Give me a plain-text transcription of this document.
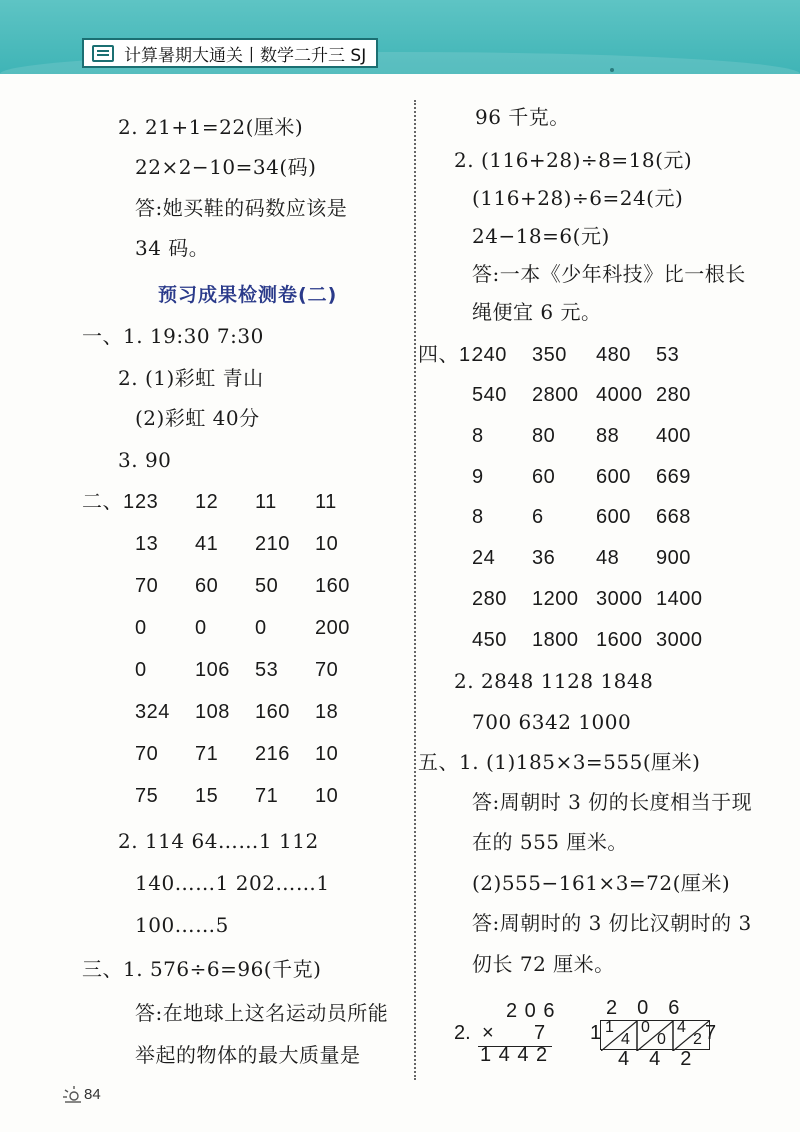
计算暑期大通关丨数学二升三 SJ
2. 21+1=22(厘米)
22×2−10=34(码)
答:她买鞋的码数应该是
34 码。
预习成果检测卷(二)
一、1. 19:30 7:30
2. (1)彩虹 青山
(2)彩虹 40分
3. 90
二、1.
23 12 11 11
13 41 210 10
70 60 50 160
0 0 0 200
0 106 53 70
324 108 160 18
70 71 216 10
75 15 71 10
2. 114 64……1 112
140……1 202……1
100……5
三、1. 576÷6=96(千克)
答:在地球上这名运动员所能
举起的物体的最大质量是
96 千克。
2. (116+28)÷8=18(元)
(116+28)÷6=24(元)
24−18=6(元)
答:一本《少年科技》比一根长
绳便宜 6 元。
四、1.
240 350 480 53
540 2800 4000 280
8 80 88 400
9 60 600 669
8 6	600 668
24 36 48 900
280 1200 3000 1400
450 1800 1600 3000
2. 2848 1128 1848
700 6342 1000
五、1. (1)185×3=555(厘米)
答:周朝时 3 仞的长度相当于现
在的 555 厘米。
(2)555−161×3=72(厘米)
答:周朝时的 3 仞比汉朝时的 3
仞长 72 厘米。
2.
2 0 6
× 7
1 4 4 2
206
1	7
1
4
0
0
4
2
442
84
